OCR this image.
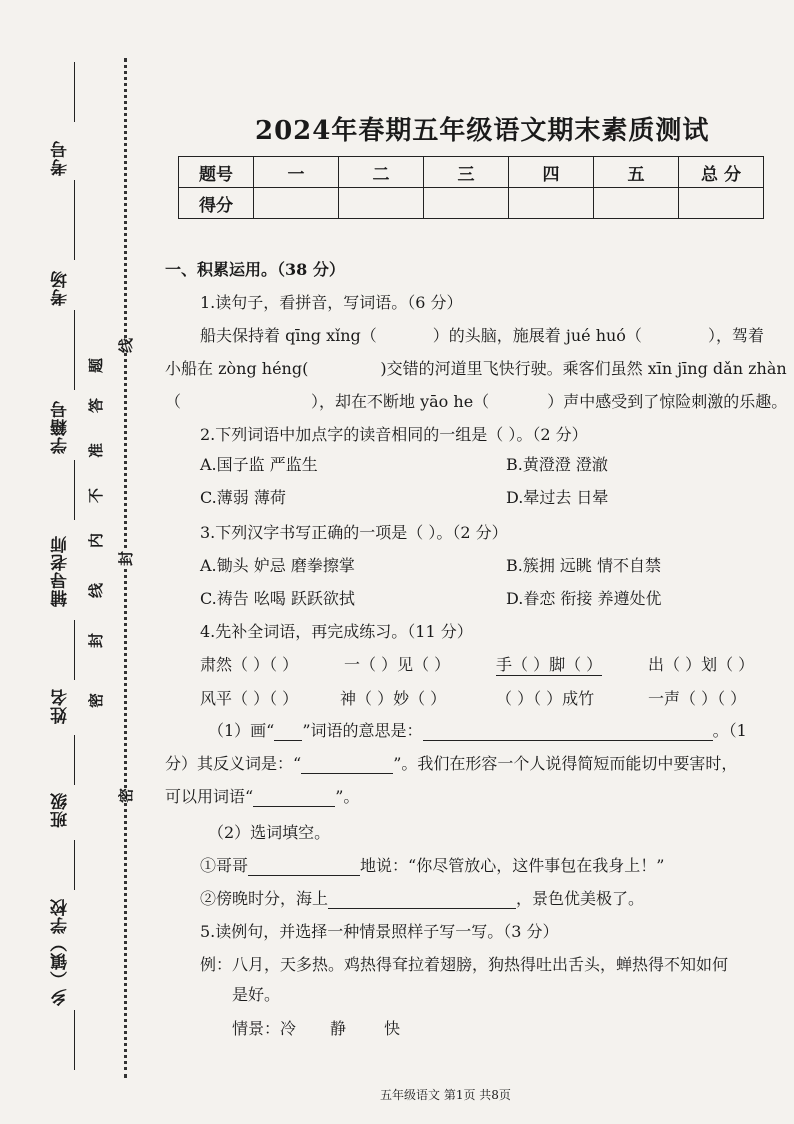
考号
考场
学籍号
辅导老师
姓名
班级
乡（镇）学校
密
封
线
内
不
准
答
题
线
封
密
2024年春期五年级语文期末素质测试
题号	一	二	三	四	五	总 分
得分						
一、积累运用。（38 分）
1.读句子，看拼音，写词语。（6 分）
船夫保持着 qīng xǐng（	）的头脑，施展着 jué huó（	），驾着
小船在 zòng héng(	)交错的河道里飞快行驶。乘客们虽然 xīn jīng dǎn zhàn
（	），却在不断地 yāo he（	）声中感受到了惊险刺激的乐趣。
2.下列词语中加点字的读音相同的一组是（ ）。（2 分）
A.国子监 严监生	B.黄澄澄 澄澈
C.薄弱 薄荷	D.晕过去 日晕
3.下列汉字书写正确的一项是（ ）。（2 分）
A.锄头 妒忌 磨拳擦掌	B.簇拥 远眺 情不自禁
C.祷告 吆喝 跃跃欲拭	D.眷恋 衔接 养遵处优
4.先补全词语，再完成练习。（11 分）
肃然（ ）（ ）	一（ ）见（ ）	手（ ）脚（ ）	出（ ）划（ ）
风平（ ）（ ）	神（ ）妙（ ）	（ ）（ ）成竹	一声（ ）（ ）
（1）画“ ”词语的意思是：	。（1
分）其反义词是：“	”。我们在形容一个人说得简短而能切中要害时，
可以用词语“	”。
（2）选词填空。
①哥哥	地说：“你尽管放心，这件事包在我身上！”
②傍晚时分，海上	，景色优美极了。
5.读例句，并选择一种情景照样子写一写。（3 分）
例：八月，天多热。鸡热得耷拉着翅膀，狗热得吐出舌头，蝉热得不知如何
是好。
情景：冷 静 快
五年级语文 第1页 共8页
